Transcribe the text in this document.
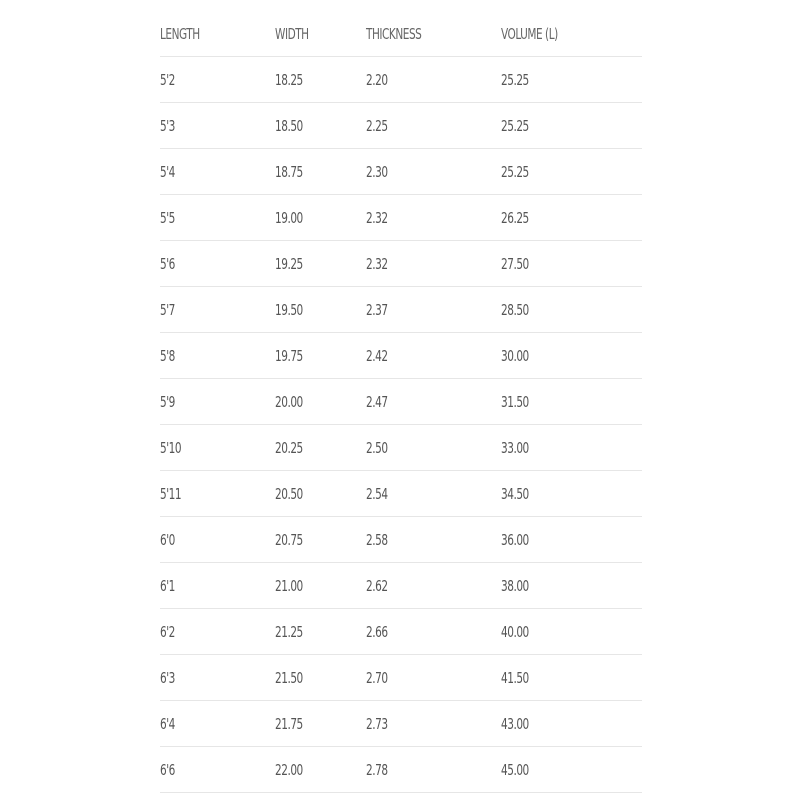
LENGTH	WIDTH	THICKNESS	VOLUME (L)
5'2	18.25	2.20	25.25
5'3	18.50	2.25	25.25
5'4	18.75	2.30	25.25
5'5	19.00	2.32	26.25
5'6	19.25	2.32	27.50
5'7	19.50	2.37	28.50
5'8	19.75	2.42	30.00
5'9	20.00	2.47	31.50
5'10	20.25	2.50	33.00
5'11	20.50	2.54	34.50
6'0	20.75	2.58	36.00
6'1	21.00	2.62	38.00
6'2	21.25	2.66	40.00
6'3	21.50	2.70	41.50
6'4	21.75	2.73	43.00
6'6	22.00	2.78	45.00
